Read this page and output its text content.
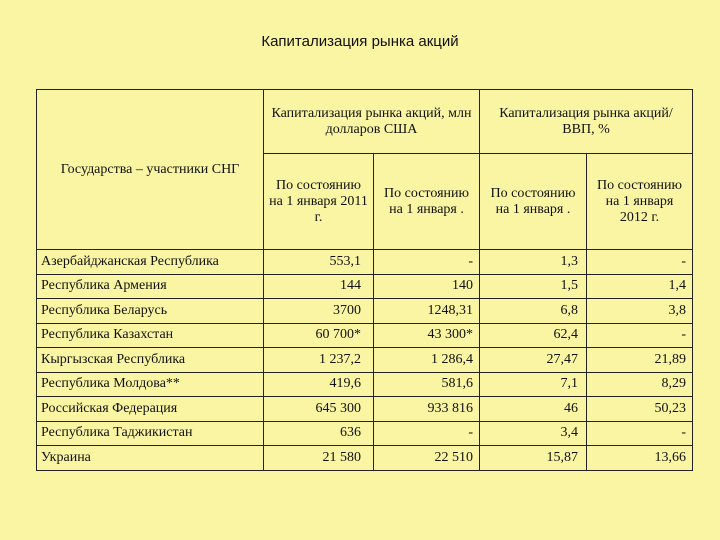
Капитализация рынка акций
Государства – участники СНГ	Капитализация рынка акций, млн долларов США		Капитализация рынка акций/ВВП, %	
	По состоянию на 1 января 2011 г.	По состоянию на 1 января .	По состоянию на 1 января .	По состоянию на 1 января 2012 г.
Азербайджанская Республика	553,1	-	1,3	-
Республика Армения	144	140	1,5	1,4
Республика Беларусь	3700	1248,31	6,8	3,8
Республика Казахстан	60 700*	43 300*	62,4	-
Кыргызская Республика	1 237,2	1 286,4	27,47	21,89
Республика Молдова**	419,6	581,6	7,1	8,29
Российская Федерация	645 300	933 816	46	50,23
Республика Таджикистан	636	-	3,4	-
Украина	21 580	22 510	15,87	13,66
